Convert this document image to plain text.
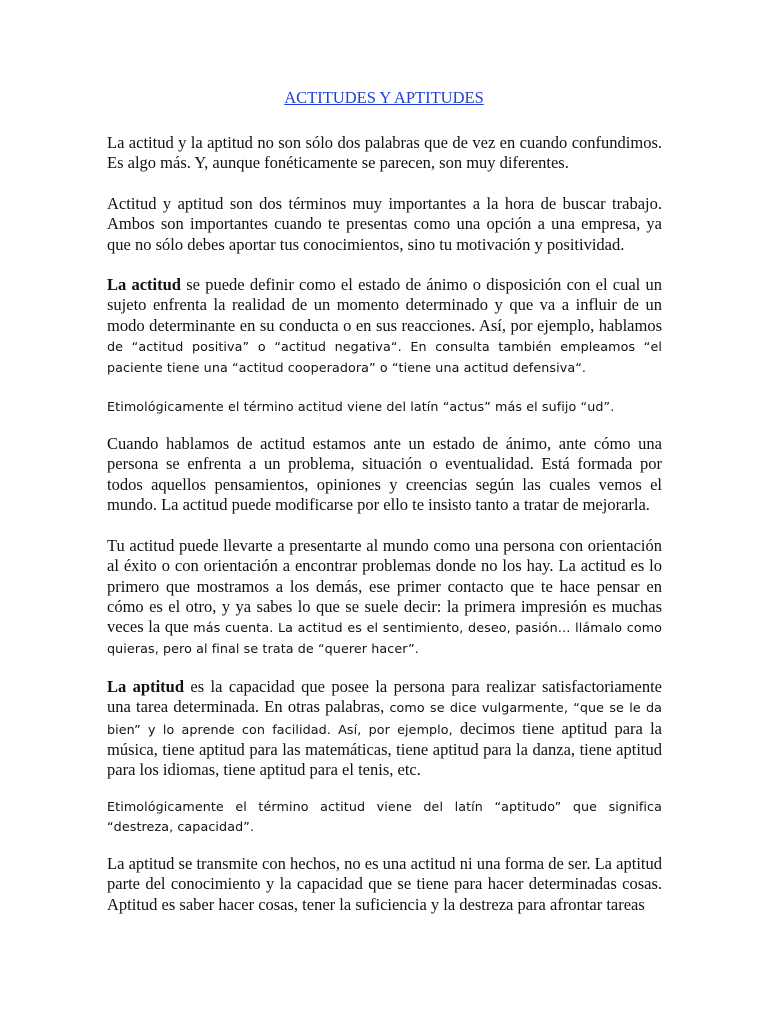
ACTITUDES Y APTITUDES

La actitud y la aptitud no son sólo dos palabras que de vez en cuando confundimos. Es algo más. Y, aunque fonéticamente se parecen, son muy diferentes.

Actitud y aptitud son dos términos muy importantes a la hora de buscar trabajo. Ambos son importantes cuando te presentas como una opción a una empresa, ya que no sólo debes aportar tus conocimientos, sino tu motivación y positividad.

La actitud se puede definir como el estado de ánimo o disposición con el cual un sujeto enfrenta la realidad de un momento determinado y que va a influir de un modo determinante en su conducta o en sus reacciones. Así, por ejemplo, hablamos de “actitud positiva” o “actitud negativa“. En consulta también empleamos “el paciente tiene una “actitud cooperadora” o “tiene una actitud defensiva“.

Etimológicamente el término actitud viene del latín “actus” más el sufijo “ud”.

Cuando hablamos de actitud estamos ante un estado de ánimo, ante cómo una persona se enfrenta a un problema, situación o eventualidad. Está formada por todos aquellos pensamientos, opiniones y creencias según las cuales vemos el mundo. La actitud puede modificarse por ello te insisto tanto a tratar de mejorarla.

Tu actitud puede llevarte a presentarte al mundo como una persona con orientación al éxito o con orientación a encontrar problemas donde no los hay. La actitud es lo primero que mostramos a los demás, ese primer contacto que te hace pensar en cómo es el otro, y ya sabes lo que se suele decir: la primera impresión es muchas veces la que más cuenta. La actitud es el sentimiento, deseo, pasión… llámalo como quieras, pero al final se trata de “querer hacer”.

La aptitud es la capacidad que posee la persona para realizar satisfactoriamente una tarea determinada. En otras palabras, como se dice vulgarmente, “que se le da bien” y lo aprende con facilidad. Así, por ejemplo, decimos tiene aptitud para la música, tiene aptitud para las matemáticas, tiene aptitud para la danza, tiene aptitud para los idiomas, tiene aptitud para el tenis, etc.

Etimológicamente el término actitud viene del latín “aptitudo” que significa “destreza, capacidad”.

La aptitud se transmite con hechos, no es una actitud ni una forma de ser. La aptitud parte del conocimiento y la capacidad que se tiene para hacer determinadas cosas. Aptitud es saber hacer cosas, tener la suficiencia y la destreza para afrontar tareas
